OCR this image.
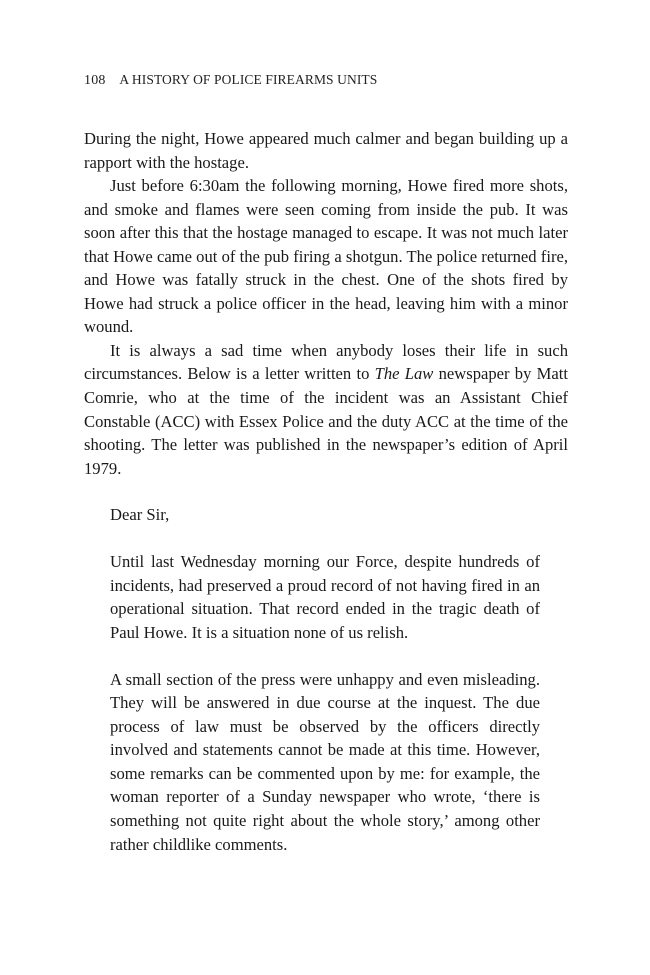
108 A HISTORY OF POLICE FIREARMS UNITS

During the night, Howe appeared much calmer and began building up a rapport with the hostage.

Just before 6:30am the following morning, Howe fired more shots, and smoke and flames were seen coming from inside the pub. It was soon after this that the hostage managed to escape. It was not much later that Howe came out of the pub firing a shotgun. The police returned fire, and Howe was fatally struck in the chest. One of the shots fired by Howe had struck a police officer in the head, leaving him with a minor wound.

It is always a sad time when anybody loses their life in such circumstances. Below is a letter written to The Law newspaper by Matt Comrie, who at the time of the incident was an Assistant Chief Constable (ACC) with Essex Police and the duty ACC at the time of the shooting. The letter was published in the newspaper’s edition of April 1979.

Dear Sir,

Until last Wednesday morning our Force, despite hundreds of incidents, had preserved a proud record of not having fired in an operational situation. That record ended in the tragic death of Paul Howe. It is a situation none of us relish.

A small section of the press were unhappy and even misleading. They will be answered in due course at the inquest. The due process of law must be observed by the officers directly involved and statements cannot be made at this time. However, some remarks can be commented upon by me: for example, the woman reporter of a Sunday newspaper who wrote, ‘there is something not quite right about the whole story,’ among other rather childlike comments.
